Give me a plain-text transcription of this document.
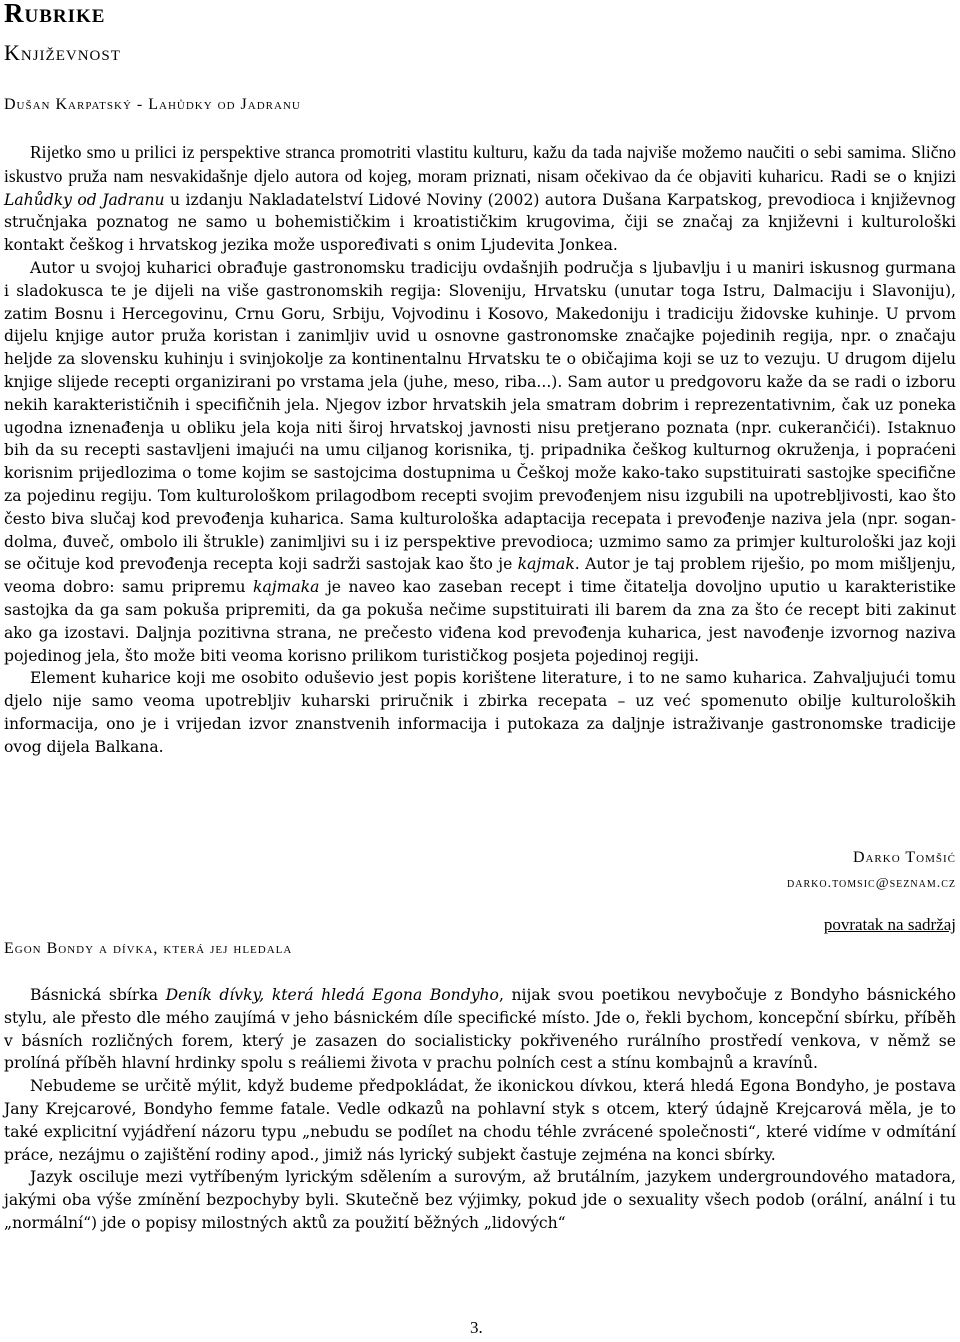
Rubrike
Književnost
Dušan Karpatský - Lahůdky od Jadranu

Rijetko smo u prilici iz perspektive stranca promotriti vlastitu kulturu, kažu da tada najviše možemo naučiti o sebi samima. Slično iskustvo pruža nam nesvakidašnje djelo autora od kojeg, moram priznati, nisam očekivao da će objaviti kuharicu. Radi se o knjizi Lahůdky od Jadranu u izdanju Nakladatelství Lidové Noviny (2002) autora Dušana Karpatskog, prevodioca i književnog stručnjaka poznatog ne samo u bohemističkim i kroatističkim krugovima, čiji se značaj za književni i kulturološki kontakt češkog i hrvatskog jezika može uspoređivati s onim Ljudevita Jonkea.

Autor u svojoj kuharici obrađuje gastronomsku tradiciju ovdašnjih područja s ljubavlju i u maniri iskusnog gurmana i sladokusca te je dijeli na više gastronomskih regija: Sloveniju, Hrvatsku (unutar toga Istru, Dalmaciju i Slavoniju), zatim Bosnu i Hercegovinu, Crnu Goru, Srbiju, Vojvodinu i Kosovo, Makedoniju i tradiciju židovske kuhinje. U prvom dijelu knjige autor pruža koristan i zanimljiv uvid u osnovne gastronomske značajke pojedinih regija, npr. o značaju heljde za slovensku kuhinju i svinjokolje za kontinentalnu Hrvatsku te o običajima koji se uz to vezuju. U drugom dijelu knjige slijede recepti organizirani po vrstama jela (juhe, meso, riba...). Sam autor u predgovoru kaže da se radi o izboru nekih karakterističnih i specifičnih jela. Njegov izbor hrvatskih jela smatram dobrim i reprezentativnim, čak uz poneka ugodna iznenađenja u obliku jela koja niti široj hrvatskoj javnosti nisu pretjerano poznata (npr. cukerančići). Istaknuo bih da su recepti sastavljeni imajući na umu ciljanog korisnika, tj. pripadnika češkog kulturnog okruženja, i popraćeni korisnim prijedlozima o tome kojim se sastojcima dostupnima u Češkoj može kako-tako supstituirati sastojke specifične za pojedinu regiju. Tom kulturološkom prilagodbom recepti svojim prevođenjem nisu izgubili na upotrebljivosti, kao što često biva slučaj kod prevođenja kuharica. Sama kulturološka adaptacija recepata i prevođenje naziva jela (npr. sogan-dolma, đuveč, ombolo ili štrukle) zanimljivi su i iz perspektive prevodioca; uzmimo samo za primjer kulturološki jaz koji se očituje kod prevođenja recepta koji sadrži sastojak kao što je kajmak. Autor je taj problem riješio, po mom mišljenju, veoma dobro: samu pripremu kajmaka je naveo kao zaseban recept i time čitatelja dovoljno uputio u karakteristike sastojka da ga sam pokuša pripremiti, da ga pokuša nečime supstituirati ili barem da zna za što će recept biti zakinut ako ga izostavi. Daljnja pozitivna strana, ne prečesto viđena kod prevođenja kuharica, jest navođenje izvornog naziva pojedinog jela, što može biti veoma korisno prilikom turističkog posjeta pojedinoj regiji.

Element kuharice koji me osobito oduševio jest popis korištene literature, i to ne samo kuharica. Zahvaljujući tomu djelo nije samo veoma upotrebljiv kuharski priručnik i zbirka recepata – uz već spomenuto obilje kulturoloških informacija, ono je i vrijedan izvor znanstvenih informacija i putokaza za daljnje istraživanje gastronomske tradicije ovog dijela Balkana.

Darko Tomšić
darko.tomsic@seznam.cz
povratak na sadržaj
Egon Bondy a dívka, která jej hledala

Básnická sbírka Deník dívky, která hledá Egona Bondyho, nijak svou poetikou nevybočuje z Bondyho básnického stylu, ale přesto dle mého zaujímá v jeho básnickém díle specifické místo. Jde o, řekli bychom, koncepční sbírku, příběh v básních rozličných forem, který je zasazen do socialisticky pokřiveného rurálního prostředí venkova, v němž se prolíná příběh hlavní hrdinky spolu s reáliemi života v prachu polních cest a stínu kombajnů a kravínů.

Nebudeme se určitě mýlit, když budeme předpokládat, že ikonickou dívkou, která hledá Egona Bondyho, je postava Jany Krejcarové, Bondyho femme fatale. Vedle odkazů na pohlavní styk s otcem, který údajně Krejcarová měla, je to také explicitní vyjádření názoru typu „nebudu se podílet na chodu téhle zvrácené společnosti“, které vidíme v odmítání práce, nezájmu o zajištění rodiny apod., jimiž nás lyrický subjekt častuje zejména na konci sbírky.

Jazyk osciluje mezi vytříbeným lyrickým sdělením a surovým, až brutálním, jazykem undergroundového matadora, jakými oba výše zmínění bezpochyby byli. Skutečně bez výjimky, pokud jde o sexuality všech podob (orální, anální i tu „normální“) jde o popisy milostných aktů za použití běžných „lidových“

3.
